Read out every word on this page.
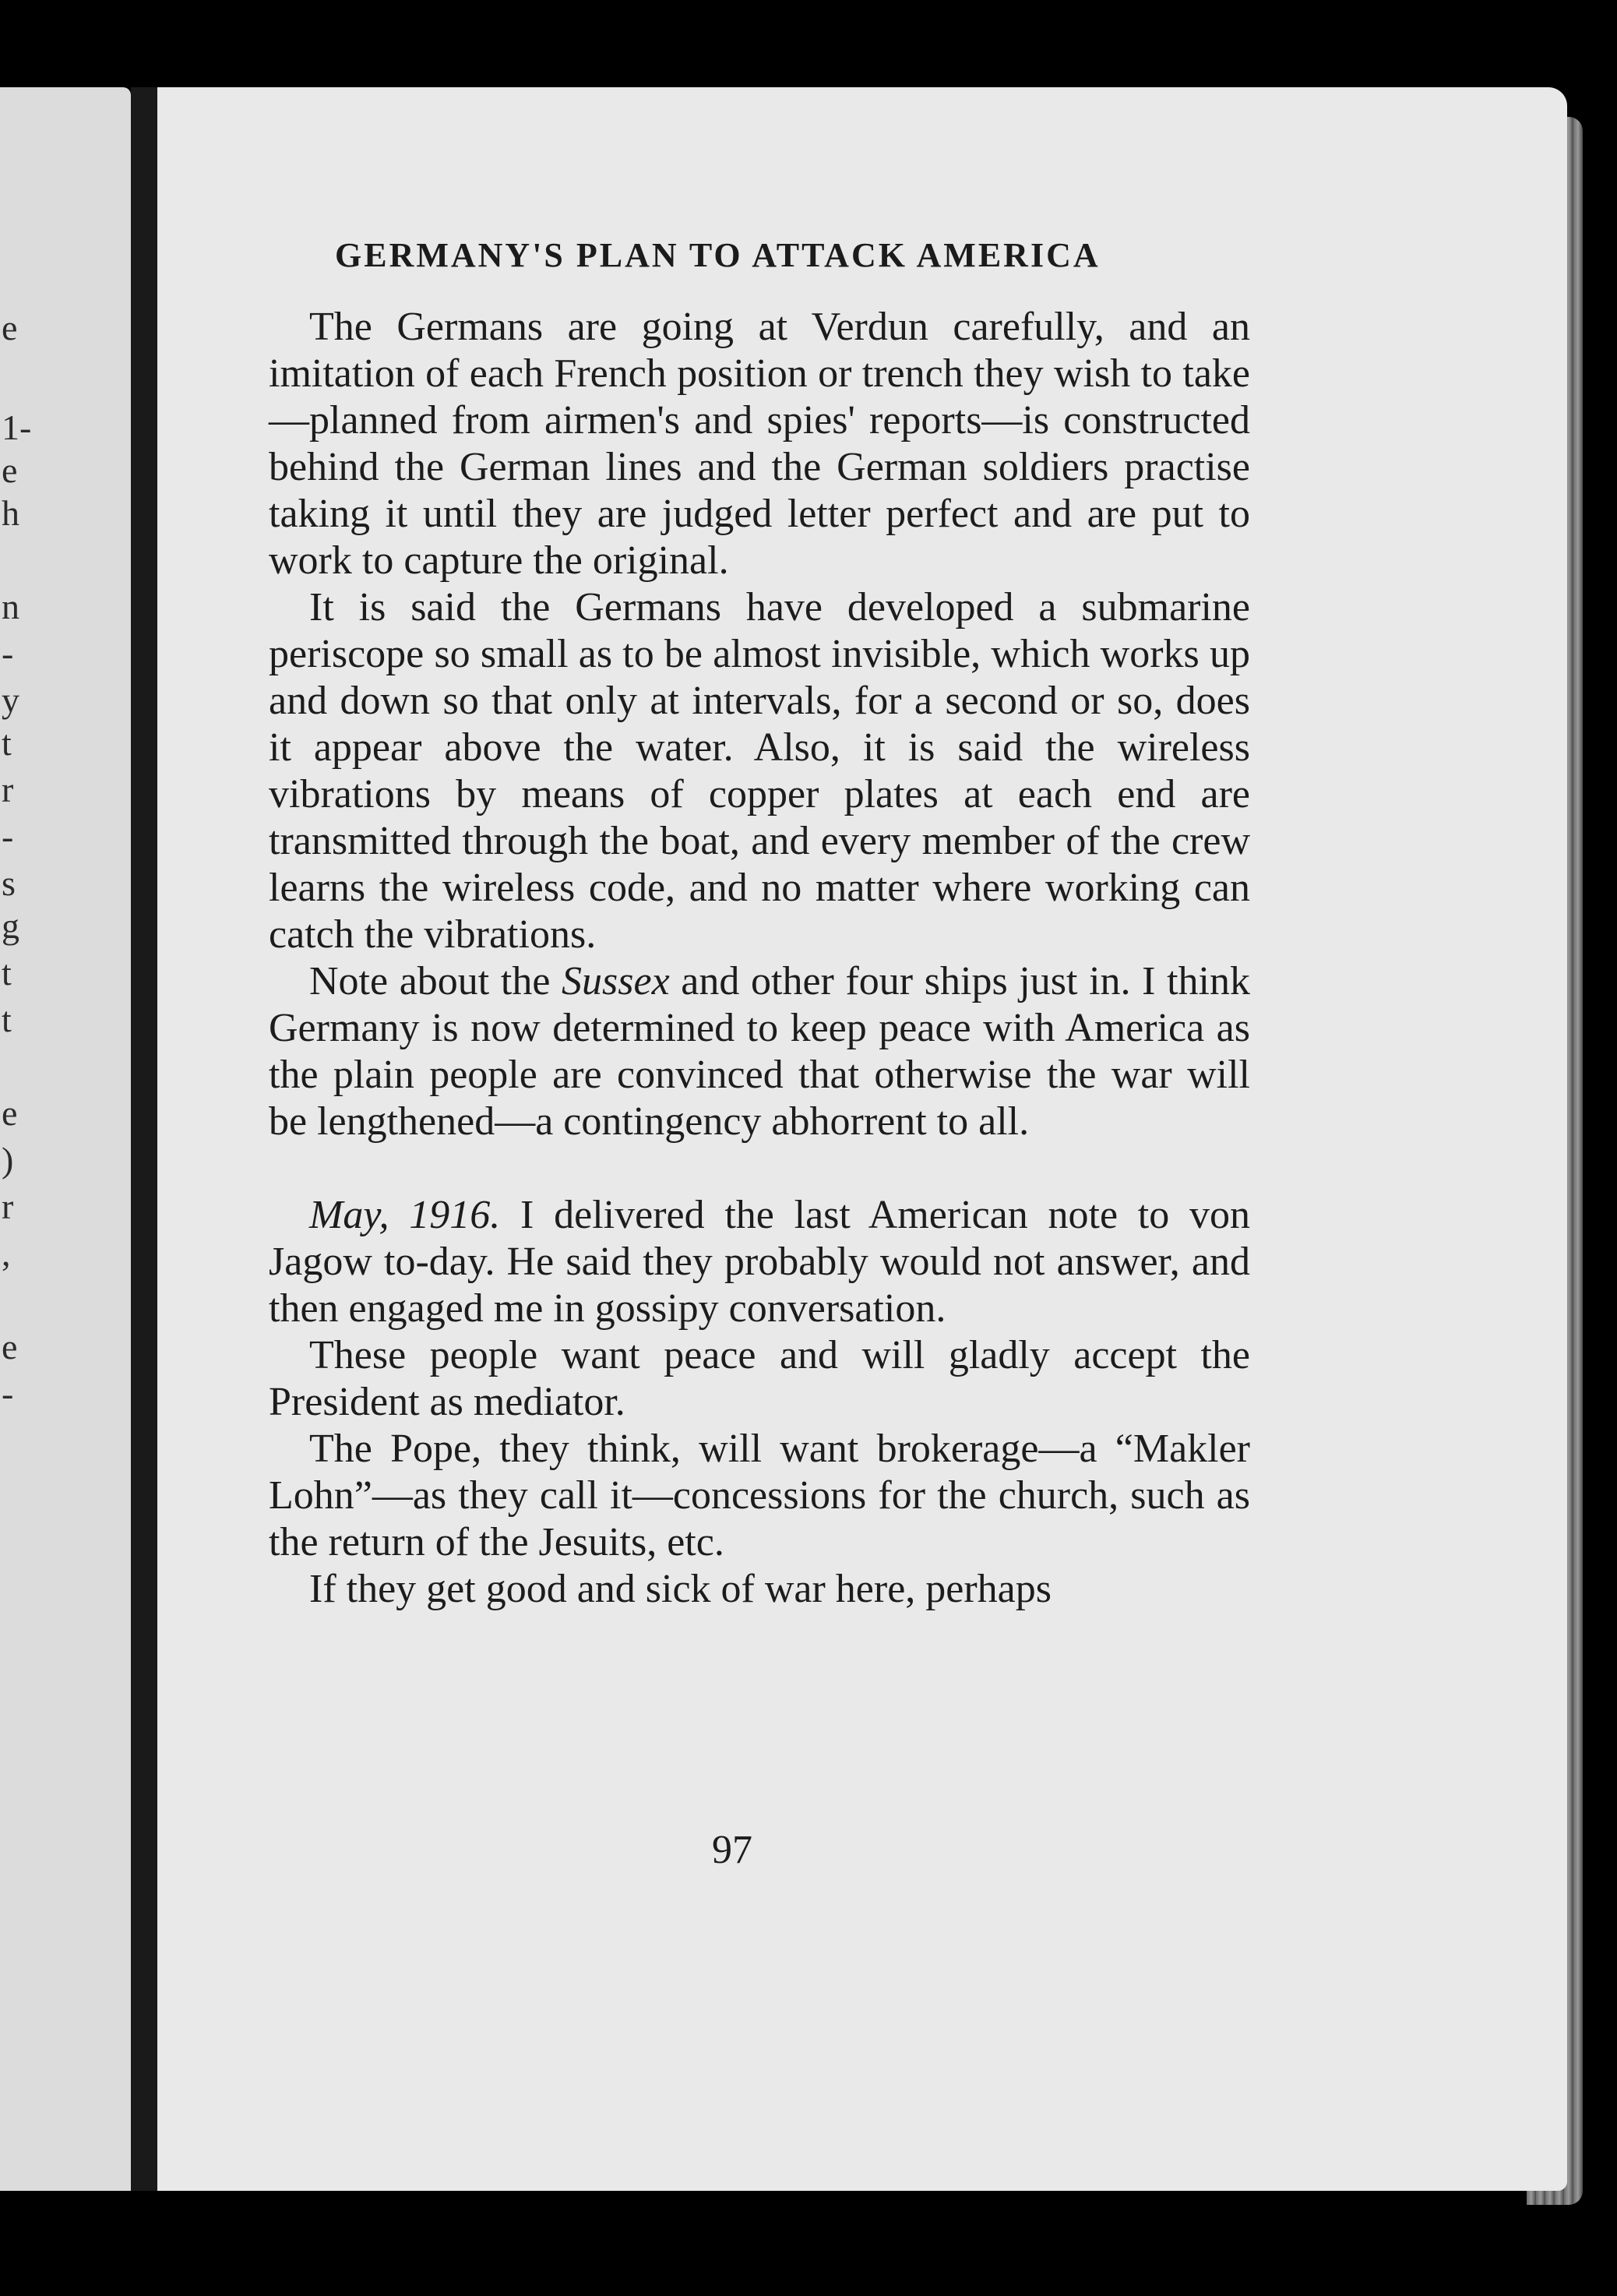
e
1-
e
h
n
-
y
t
r
-
s
g
t
t
e
)
r
,
e
-
GERMANY'S PLAN TO ATTACK AMERICA

The Germans are going at Verdun carefully, and an imitation of each French position or trench they wish to take—planned from airmen's and spies' reports—is constructed behind the German lines and the German soldiers practise taking it until they are judged letter perfect and are put to work to capture the original.

It is said the Germans have developed a submarine periscope so small as to be almost invisible, which works up and down so that only at intervals, for a second or so, does it appear above the water. Also, it is said the wireless vibrations by means of copper plates at each end are transmitted through the boat, and every member of the crew learns the wireless code, and no matter where working can catch the vibrations.

Note about the Sussex and other four ships just in. I think Germany is now determined to keep peace with America as the plain people are convinced that otherwise the war will be lengthened—a contingency abhorrent to all.

May, 1916. I delivered the last American note to von Jagow to-day. He said they probably would not answer, and then engaged me in gossipy conversation.

These people want peace and will gladly accept the President as mediator.

The Pope, they think, will want brokerage—a “Makler Lohn”—as they call it—concessions for the church, such as the return of the Jesuits, etc.

If they get good and sick of war here, perhaps

97
